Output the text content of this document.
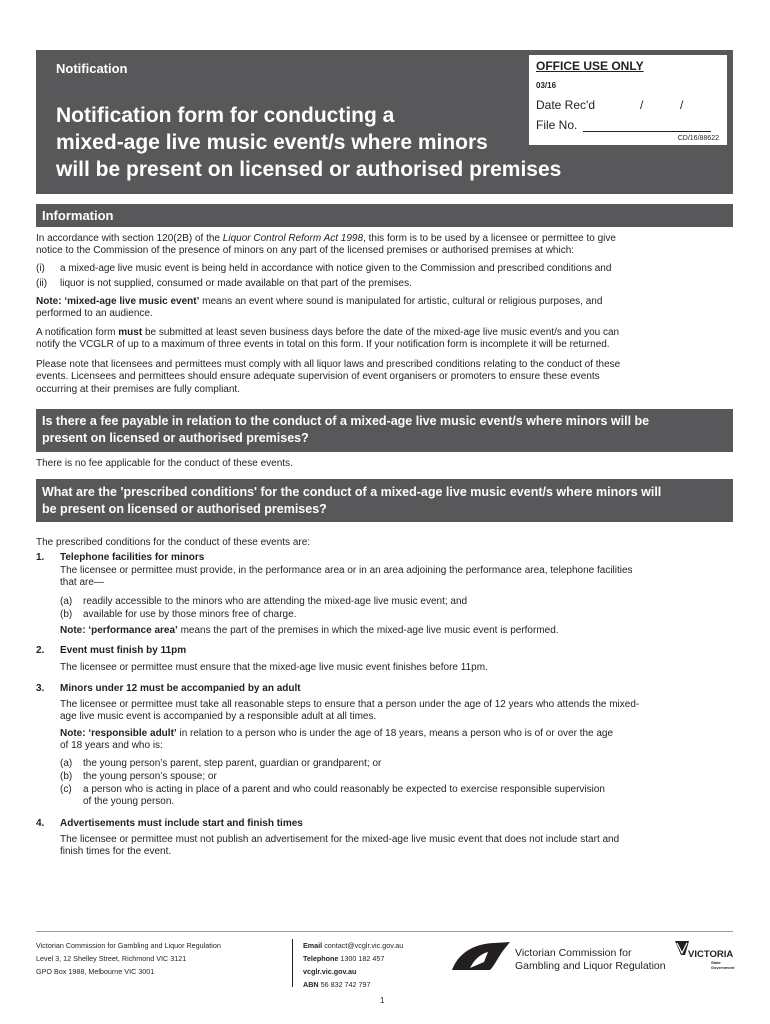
Notification
Notification form for conducting a
mixed-age live music event/s where minors
will be present on licensed or authorised premises
OFFICE USE ONLY
03/16
Date Rec'd	/	/
File No.
CD/16/88622
Information
In accordance with section 120(2B) of the Liquor Control Reform Act 1998, this form is to be used by a licensee or permittee to give
notice to the Commission of the presence of minors on any part of the licensed premises or authorised premises at which:
(i) a mixed-age live music event is being held in accordance with notice given to the Commission and prescribed conditions and
(ii) liquor is not supplied, consumed or made available on that part of the premises.
Note: ‘mixed-age live music event’ means an event where sound is manipulated for artistic, cultural or religious purposes, and
performed to an audience.
A notification form must be submitted at least seven business days before the date of the mixed-age live music event/s and you can
notify the VCGLR of up to a maximum of three events in total on this form. If your notification form is incomplete it will be returned.
Please note that licensees and permittees must comply with all liquor laws and prescribed conditions relating to the conduct of these
events. Licensees and permittees should ensure adequate supervision of event organisers or promoters to ensure these events
occurring at their premises are fully compliant.
Is there a fee payable in relation to the conduct of a mixed-age live music event/s where minors will be
present on licensed or authorised premises?
There is no fee applicable for the conduct of these events.
What are the 'prescribed conditions' for the conduct of a mixed-age live music event/s where minors will
be present on licensed or authorised premises?
The prescribed conditions for the conduct of these events are:
1. Telephone facilities for minors
The licensee or permittee must provide, in the performance area or in an area adjoining the performance area, telephone facilities
that are—
(a) readily accessible to the minors who are attending the mixed-age live music event; and
(b) available for use by those minors free of charge.
Note: ‘performance area’ means the part of the premises in which the mixed-age live music event is performed.
2. Event must finish by 11pm
The licensee or permittee must ensure that the mixed-age live music event finishes before 11pm.
3. Minors under 12 must be accompanied by an adult
The licensee or permittee must take all reasonable steps to ensure that a person under the age of 12 years who attends the mixed-
age live music event is accompanied by a responsible adult at all times.
Note: ‘responsible adult’ in relation to a person who is under the age of 18 years, means a person who is of or over the age
of 18 years and who is:
(a) the young person’s parent, step parent, guardian or grandparent; or
(b) the young person’s spouse; or
(c) a person who is acting in place of a parent and who could reasonably be expected to exercise responsible supervision
of the young person.
4. Advertisements must include start and finish times
The licensee or permittee must not publish an advertisement for the mixed-age live music event that does not include start and
finish times for the event.
Victorian Commission for Gambling and Liquor Regulation
Level 3, 12 Shelley Street, Richmond VIC 3121
GPO Box 1988, Melbourne VIC 3001
Email contact@vcglr.vic.gov.au
Telephone 1300 182 457
vcglr.vic.gov.au
ABN 56 832 742 797
Victorian Commission for
Gambling and Liquor Regulation
VICTORIA
State
Government
1
